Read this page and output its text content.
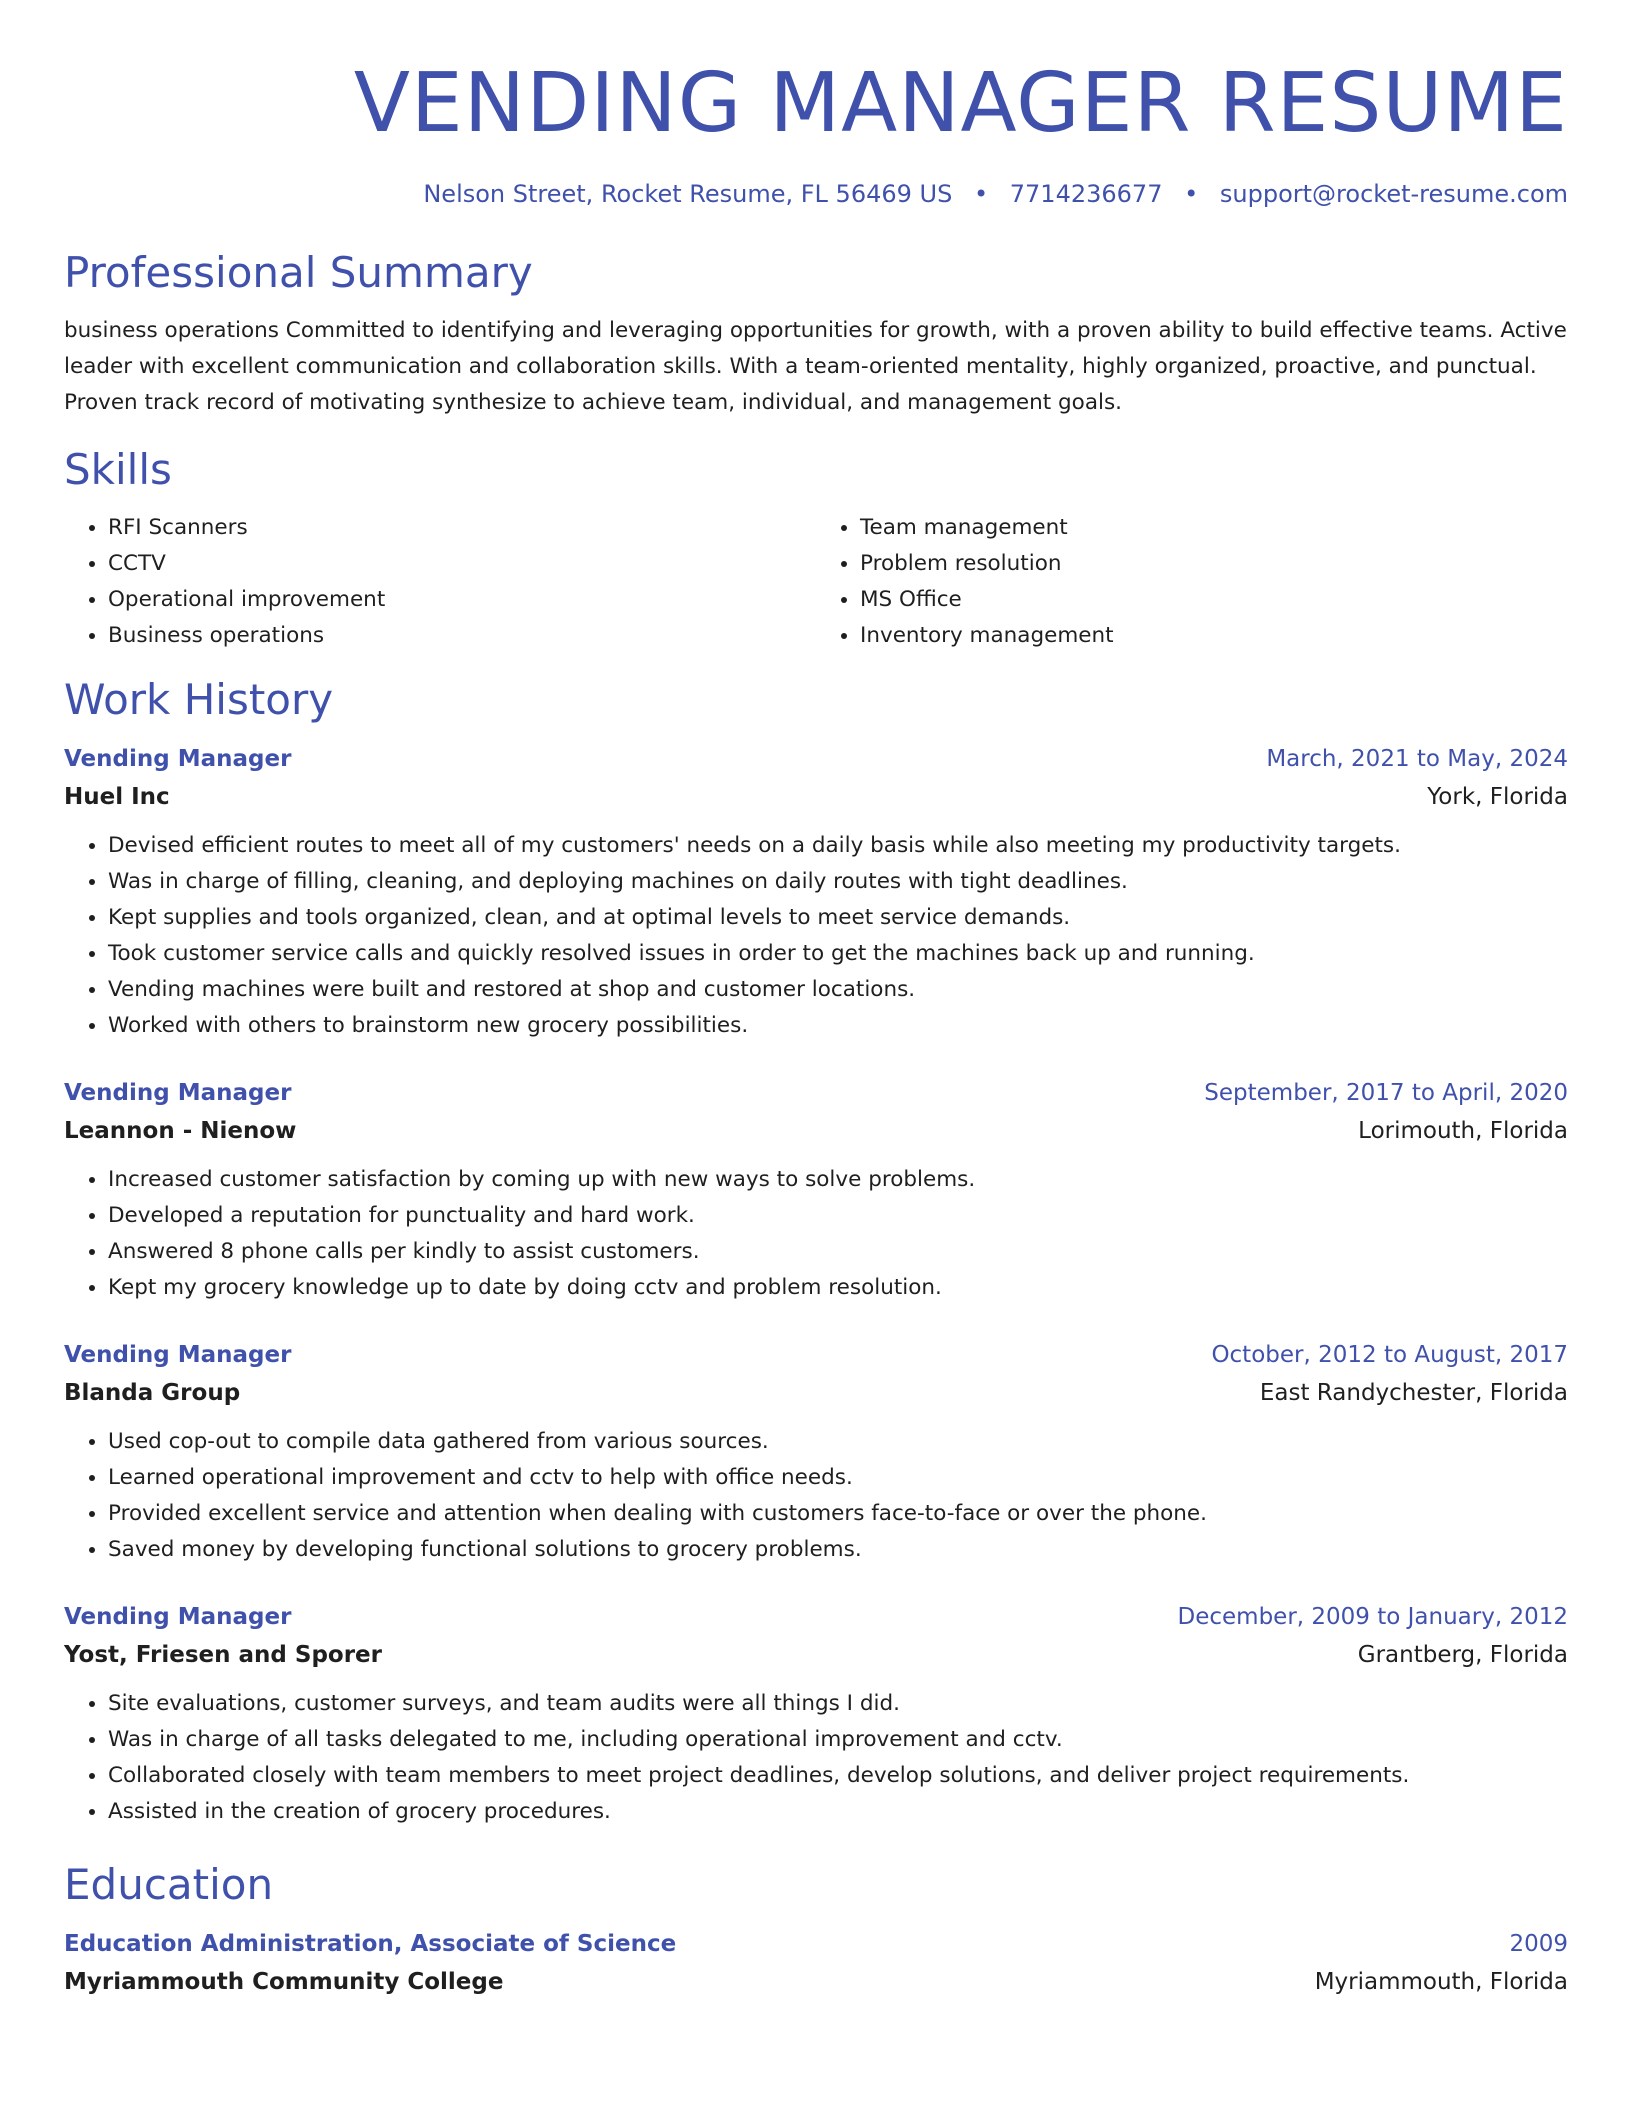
VENDING MANAGER RESUME
Nelson Street, Rocket Resume, FL 56469 US • 7714236677 • support@rocket-resume.com
Professional Summary

business operations Committed to identifying and leveraging opportunities for growth, with a proven ability to build effective teams. Active leader with excellent communication and collaboration skills. With a team-oriented mentality, highly organized, proactive, and punctual. Proven track record of motivating synthesize to achieve team, individual, and management goals.

Skills
• RFI Scanners
• CCTV
• Operational improvement
• Business operations
• Team management
• Problem resolution
• MS Office
• Inventory management
Work History
Vending Manager	March, 2021 to May, 2024
Huel Inc	York, Florida
• Devised efficient routes to meet all of my customers' needs on a daily basis while also meeting my productivity targets.
• Was in charge of filling, cleaning, and deploying machines on daily routes with tight deadlines.
• Kept supplies and tools organized, clean, and at optimal levels to meet service demands.
• Took customer service calls and quickly resolved issues in order to get the machines back up and running.
• Vending machines were built and restored at shop and customer locations.
• Worked with others to brainstorm new grocery possibilities.
Vending Manager	September, 2017 to April, 2020
Leannon - Nienow	Lorimouth, Florida
• Increased customer satisfaction by coming up with new ways to solve problems.
• Developed a reputation for punctuality and hard work.
• Answered 8 phone calls per kindly to assist customers.
• Kept my grocery knowledge up to date by doing cctv and problem resolution.
Vending Manager	October, 2012 to August, 2017
Blanda Group	East Randychester, Florida
• Used cop-out to compile data gathered from various sources.
• Learned operational improvement and cctv to help with office needs.
• Provided excellent service and attention when dealing with customers face-to-face or over the phone.
• Saved money by developing functional solutions to grocery problems.
Vending Manager	December, 2009 to January, 2012
Yost, Friesen and Sporer	Grantberg, Florida
• Site evaluations, customer surveys, and team audits were all things I did.
• Was in charge of all tasks delegated to me, including operational improvement and cctv.
• Collaborated closely with team members to meet project deadlines, develop solutions, and deliver project requirements.
• Assisted in the creation of grocery procedures.
Education
Education Administration, Associate of Science	2009
Myriammouth Community College	Myriammouth, Florida
